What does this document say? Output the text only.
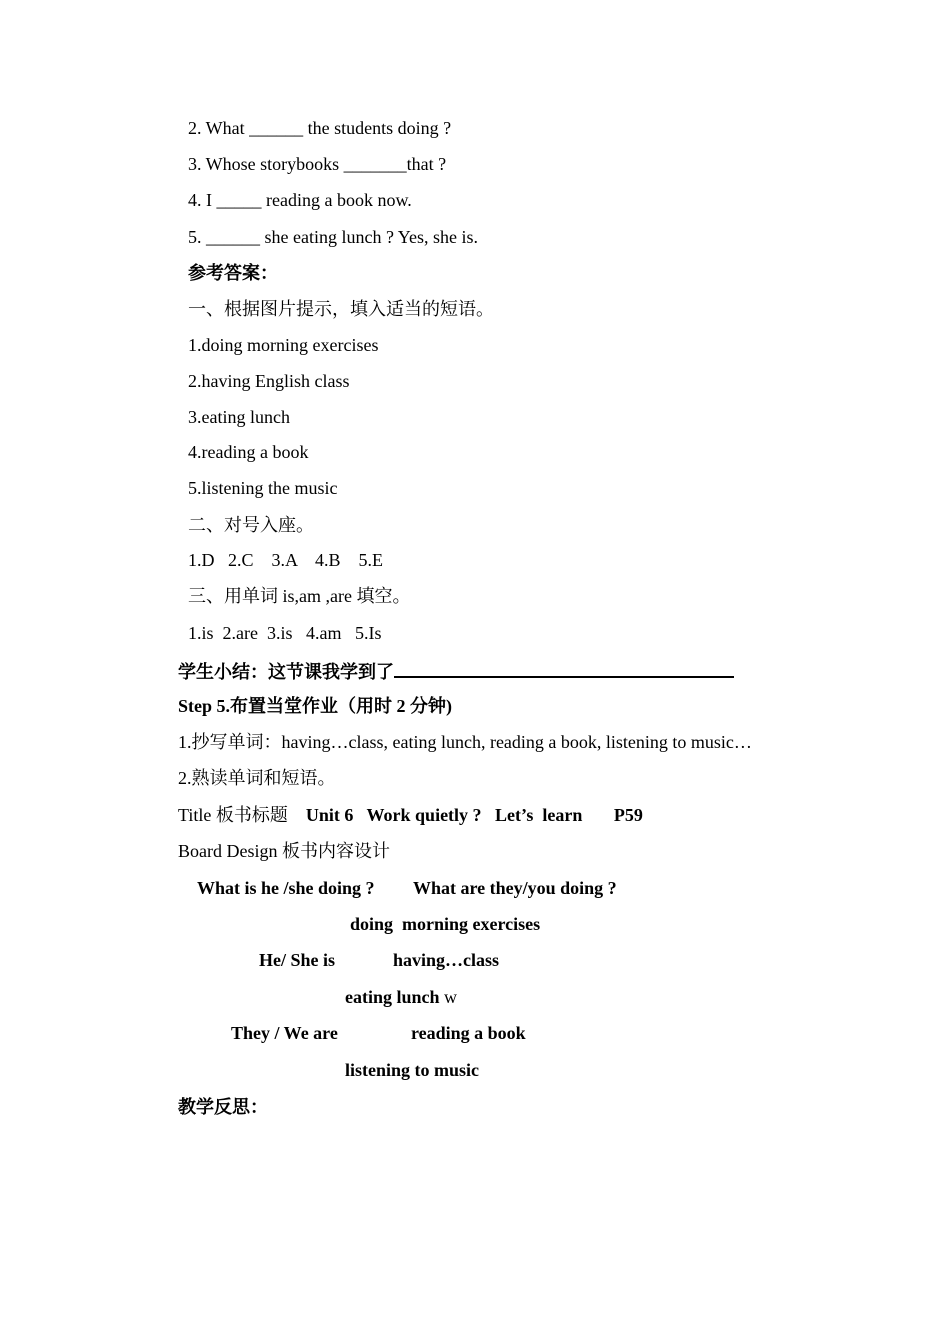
2. What ______ the students doing ?
3. Whose storybooks _______that ?
4. I _____ reading a book now.
5. ______ she eating lunch ? Yes, she is.
参考答案：
一、根据图片提示，填入适当的短语。
1.doing morning exercises
2.having English class
3.eating lunch
4.reading a book
5.listening the music
二、对号入座。
1.D   2.C    3.A    4.B    5.E
三、用单词 is,am ,are 填空。
1.is  2.are  3.is   4.am   5.Is
学生小结：这节课我学到了
Step 5.布置当堂作业（用时 2 分钟)
1.抄写单词：having…class, eating lunch, reading a book, listening to music…
2.熟读单词和短语。
Title 板书标题 Unit 6   Work quietly ?   Let’s  learn       P59
Board Design 板书内容设计
What is he /she doing ? What are they/you doing ?
doing  morning exercises
He/ She is	having…class
eating lunch w
They / We are	reading a book
listening to music
教学反思：
